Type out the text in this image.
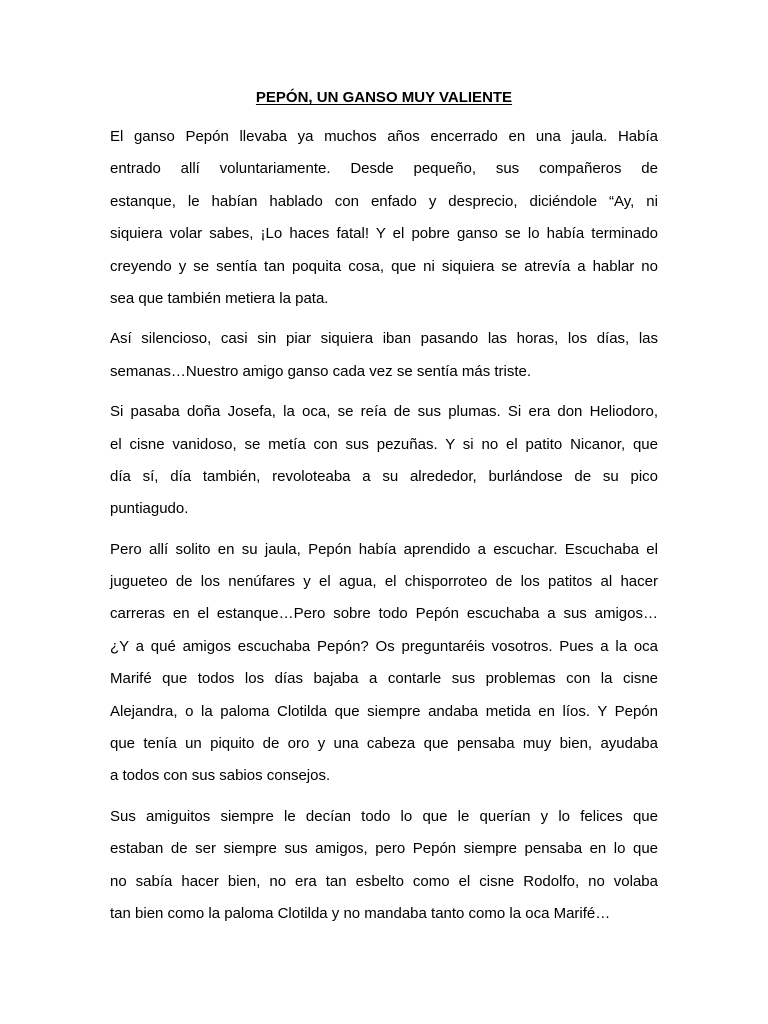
PEPÓN, UN GANSO MUY VALIENTE
El ganso Pepón llevaba ya muchos años encerrado en una jaula. Había
entrado allí voluntariamente. Desde pequeño, sus compañeros de
estanque, le habían hablado con enfado y desprecio, diciéndole “Ay, ni
siquiera volar sabes, ¡Lo haces fatal! Y el pobre ganso se lo había terminado
creyendo y se sentía tan poquita cosa, que ni siquiera se atrevía a hablar no
sea que también metiera la pata.
Así silencioso, casi sin piar siquiera iban pasando las horas, los días, las
semanas…Nuestro amigo ganso cada vez se sentía más triste.
Si pasaba doña Josefa, la oca, se reía de sus plumas. Si era don Heliodoro,
el cisne vanidoso, se metía con sus pezuñas. Y si no el patito Nicanor, que
día sí, día también, revoloteaba a su alrededor, burlándose de su pico
puntiagudo.
Pero allí solito en su jaula, Pepón había aprendido a escuchar. Escuchaba el
jugueteo de los nenúfares y el agua, el chisporroteo de los patitos al hacer
carreras en el estanque…Pero sobre todo Pepón escuchaba a sus amigos…
¿Y a qué amigos escuchaba Pepón? Os preguntaréis vosotros. Pues a la oca
Marifé que todos los días bajaba a contarle sus problemas con la cisne
Alejandra, o la paloma Clotilda que siempre andaba metida en líos. Y Pepón
que tenía un piquito de oro y una cabeza que pensaba muy bien, ayudaba
a todos con sus sabios consejos.
Sus amiguitos siempre le decían todo lo que le querían y lo felices que
estaban de ser siempre sus amigos, pero Pepón siempre pensaba en lo que
no sabía hacer bien, no era tan esbelto como el cisne Rodolfo, no volaba
tan bien como la paloma Clotilda y no mandaba tanto como la oca Marifé…
